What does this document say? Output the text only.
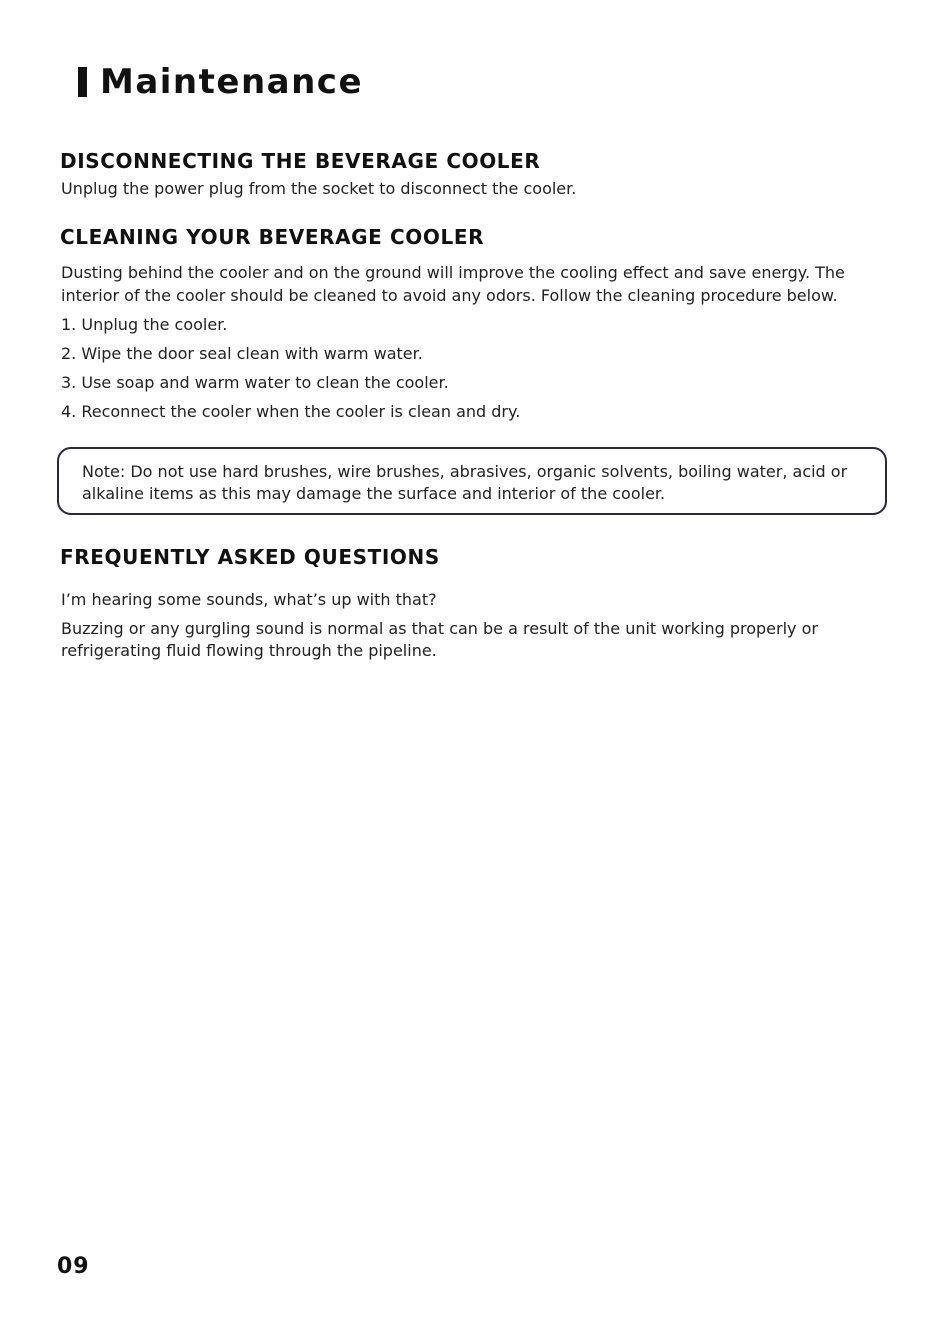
Maintenance
DISCONNECTING THE BEVERAGE COOLER
Unplug the power plug from the socket to disconnect the cooler.
CLEANING YOUR BEVERAGE COOLER
Dusting behind the cooler and on the ground will improve the cooling effect and save energy. The
interior of the cooler should be cleaned to avoid any odors. Follow the cleaning procedure below.
1. Unplug the cooler.
2. Wipe the door seal clean with warm water.
3. Use soap and warm water to clean the cooler.
4. Reconnect the cooler when the cooler is clean and dry.
Note: Do not use hard brushes, wire brushes, abrasives, organic solvents, boiling water, acid or
alkaline items as this may damage the surface and interior of the cooler.
FREQUENTLY ASKED QUESTIONS
I’m hearing some sounds, what’s up with that?
Buzzing or any gurgling sound is normal as that can be a result of the unit working properly or
refrigerating fluid flowing through the pipeline.
09
